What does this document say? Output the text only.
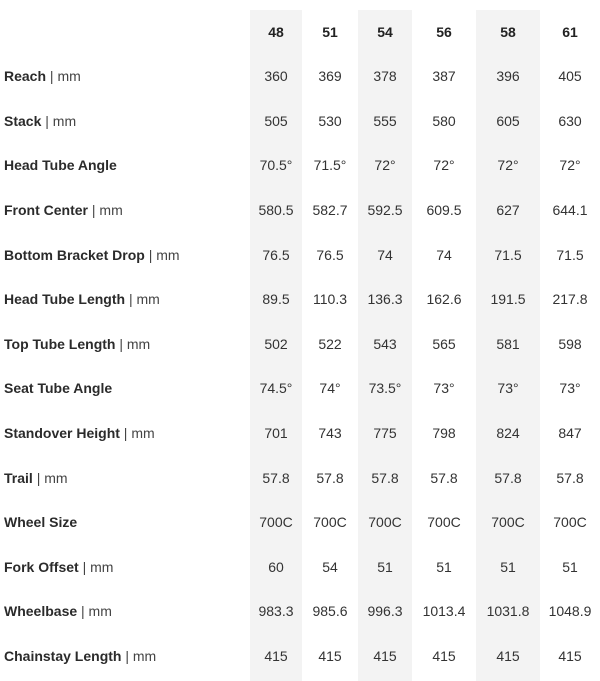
	48	51	54	56	58	61
Reach | mm	360	369	378	387	396	405
Stack | mm	505	530	555	580	605	630
Head Tube Angle	70.5°	71.5°	72°	72°	72°	72°
Front Center | mm	580.5	582.7	592.5	609.5	627	644.1
Bottom Bracket Drop | mm	76.5	76.5	74	74	71.5	71.5
Head Tube Length | mm	89.5	110.3	136.3	162.6	191.5	217.8
Top Tube Length | mm	502	522	543	565	581	598
Seat Tube Angle	74.5°	74°	73.5°	73°	73°	73°
Standover Height | mm	701	743	775	798	824	847
Trail | mm	57.8	57.8	57.8	57.8	57.8	57.8
Wheel Size	700C	700C	700C	700C	700C	700C
Fork Offset | mm	60	54	51	51	51	51
Wheelbase | mm	983.3	985.6	996.3	1013.4	1031.8	1048.9
Chainstay Length | mm	415	415	415	415	415	415
